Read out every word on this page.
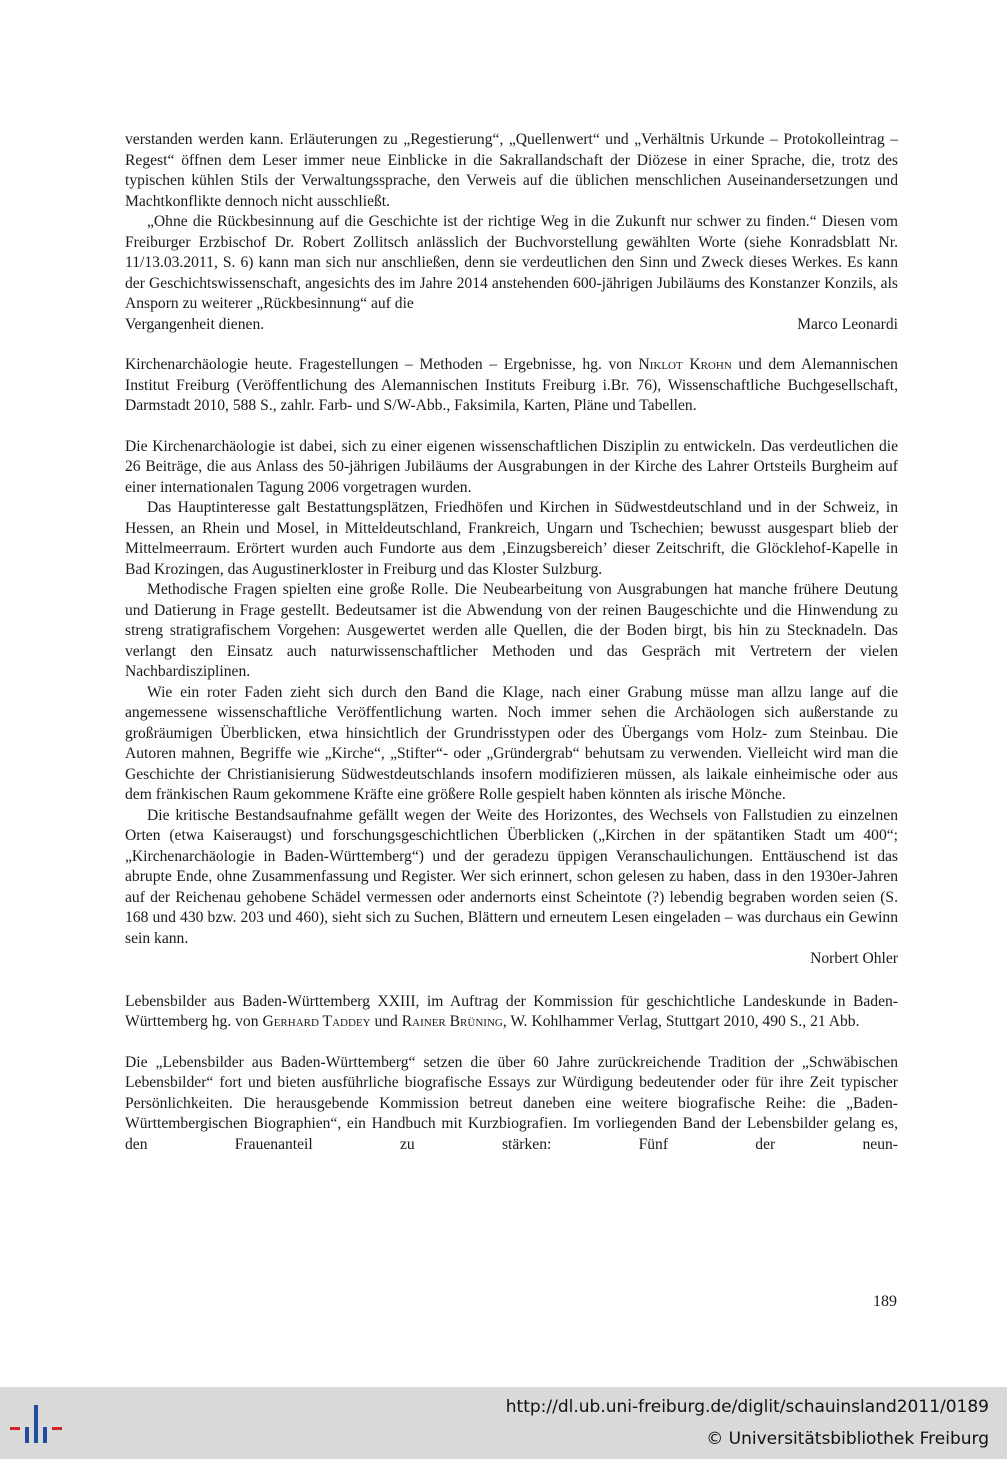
verstanden werden kann. Erläuterungen zu „Regestierung“, „Quellenwert“ und „Verhältnis Urkunde – Protokolleintrag – Regest“ öffnen dem Leser immer neue Einblicke in die Sakrallandschaft der Diözese in einer Sprache, die, trotz des typischen kühlen Stils der Verwaltungssprache, den Verweis auf die üblichen menschlichen Auseinandersetzungen und Machtkonflikte dennoch nicht ausschließt.

„Ohne die Rückbesinnung auf die Geschichte ist der richtige Weg in die Zukunft nur schwer zu finden.“ Diesen vom Freiburger Erzbischof Dr. Robert Zollitsch anlässlich der Buchvorstellung gewählten Worte (siehe Konradsblatt Nr. 11/13.03.2011, S. 6) kann man sich nur anschließen, denn sie verdeutlichen den Sinn und Zweck dieses Werkes. Es kann der Geschichtswissenschaft, angesichts des im Jahre 2014 anstehenden 600-jährigen Jubiläums des Konstanzer Konzils, als Ansporn zu weiterer „Rückbesinnung“ auf die

Vergangenheit dienen.	Marco Leonardi

Kirchenarchäologie heute. Fragestellungen – Methoden – Ergebnisse, hg. von Niklot Krohn und dem Alemannischen Institut Freiburg (Veröffentlichung des Alemannischen Instituts Freiburg i.Br. 76), Wissenschaftliche Buchgesellschaft, Darmstadt 2010, 588 S., zahlr. Farb- und S/W-Abb., Faksimila, Karten, Pläne und Tabellen.

Die Kirchenarchäologie ist dabei, sich zu einer eigenen wissenschaftlichen Disziplin zu entwickeln. Das verdeutlichen die 26 Beiträge, die aus Anlass des 50-jährigen Jubiläums der Ausgrabungen in der Kirche des Lahrer Ortsteils Burgheim auf einer internationalen Tagung 2006 vorgetragen wurden.

Das Hauptinteresse galt Bestattungsplätzen, Friedhöfen und Kirchen in Südwestdeutschland und in der Schweiz, in Hessen, an Rhein und Mosel, in Mitteldeutschland, Frankreich, Ungarn und Tschechien; bewusst ausgespart blieb der Mittelmeerraum. Erörtert wurden auch Fundorte aus dem ‚Einzugsbereich’ dieser Zeitschrift, die Glöcklehof-Kapelle in Bad Krozingen, das Augustinerkloster in Freiburg und das Kloster Sulzburg.

Methodische Fragen spielten eine große Rolle. Die Neubearbeitung von Ausgrabungen hat manche frühere Deutung und Datierung in Frage gestellt. Bedeutsamer ist die Abwendung von der reinen Baugeschichte und die Hinwendung zu streng stratigrafischem Vorgehen: Ausgewertet werden alle Quellen, die der Boden birgt, bis hin zu Stecknadeln. Das verlangt den Einsatz auch naturwissenschaftlicher Methoden und das Gespräch mit Vertretern der vielen Nachbardisziplinen.

Wie ein roter Faden zieht sich durch den Band die Klage, nach einer Grabung müsse man allzu lange auf die angemessene wissenschaftliche Veröffentlichung warten. Noch immer sehen die Archäologen sich außerstande zu großräumigen Überblicken, etwa hinsichtlich der Grundrisstypen oder des Übergangs vom Holz- zum Steinbau. Die Autoren mahnen, Begriffe wie „Kirche“, „Stifter“- oder „Gründergrab“ behutsam zu verwenden. Vielleicht wird man die Geschichte der Christianisierung Südwestdeutschlands insofern modifizieren müssen, als laikale einheimische oder aus dem fränkischen Raum gekommene Kräfte eine größere Rolle gespielt haben könnten als irische Mönche.

Die kritische Bestandsaufnahme gefällt wegen der Weite des Horizontes, des Wechsels von Fallstudien zu einzelnen Orten (etwa Kaiseraugst) und forschungsgeschichtlichen Überblicken („Kirchen in der spätantiken Stadt um 400“; „Kirchenarchäologie in Baden-Württemberg“) und der geradezu üppigen Veranschaulichungen. Enttäuschend ist das abrupte Ende, ohne Zusammenfassung und Register. Wer sich erinnert, schon gelesen zu haben, dass in den 1930er-Jahren auf der Reichenau gehobene Schädel vermessen oder andernorts einst Scheintote (?) lebendig begraben worden seien (S. 168 und 430 bzw. 203 und 460), sieht sich zu Suchen, Blättern und erneutem Lesen eingeladen – was durchaus ein Gewinn sein kann.

Norbert Ohler

Lebensbilder aus Baden-Württemberg XXIII, im Auftrag der Kommission für geschichtliche Landeskunde in Baden-Württemberg hg. von Gerhard Taddey und Rainer Brüning, W. Kohlhammer Verlag, Stuttgart 2010, 490 S., 21 Abb.

Die „Lebensbilder aus Baden-Württemberg“ setzen die über 60 Jahre zurückreichende Tradition der „Schwäbischen Lebensbilder“ fort und bieten ausführliche biografische Essays zur Würdigung bedeutender oder für ihre Zeit typischer Persönlichkeiten. Die herausgebende Kommission betreut daneben eine weitere biografische Reihe: die „Baden-Württembergischen Biographien“, ein Handbuch mit Kurzbiografien. Im vorliegenden Band der Lebensbilder gelang es, den Frauenanteil zu stärken: Fünf der neun-

189
http://dl.ub.uni-freiburg.de/diglit/schauinsland2011/0189
© Universitätsbibliothek Freiburg
